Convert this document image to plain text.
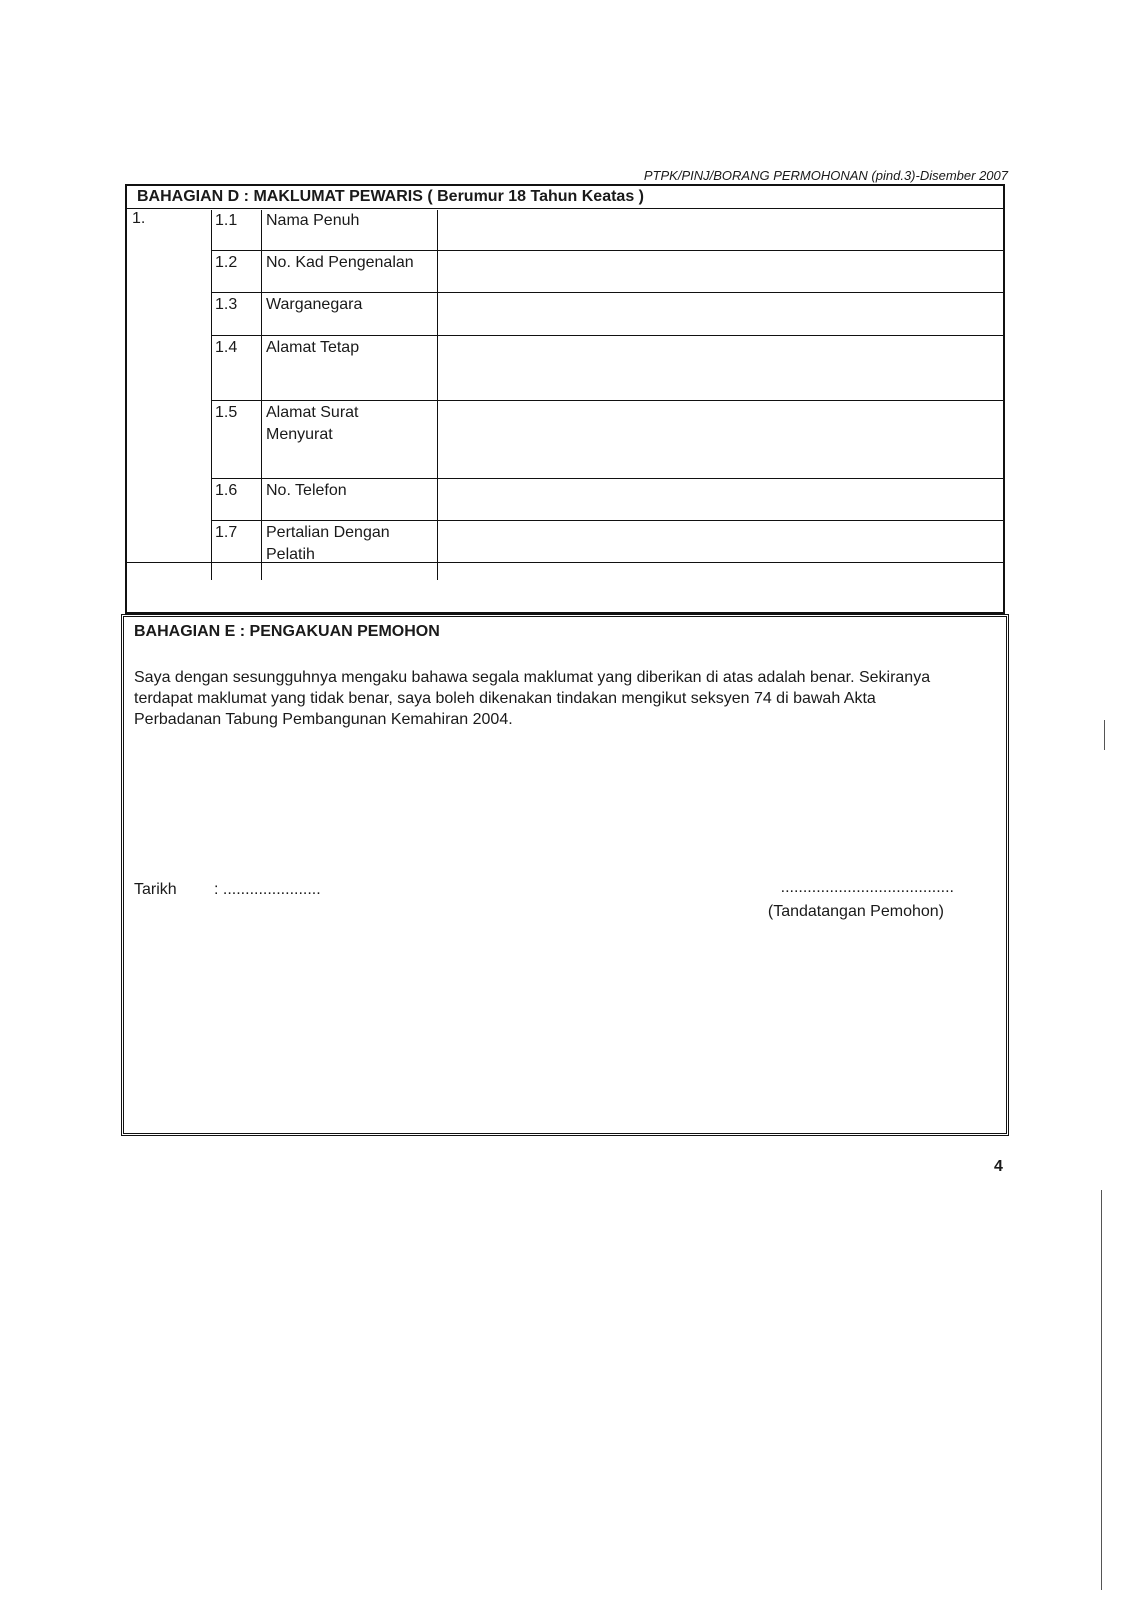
PTPK/PINJ/BORANG PERMOHONAN (pind.3)-Disember 2007
BAHAGIAN D : MAKLUMAT PEWARIS ( Berumur 18 Tahun Keatas )
1.	1.1 Nama Penuh
1.2 No. Kad Pengenalan
1.3 Warganegara
1.4 Alamat Tetap
1.5 Alamat Surat Menyurat
1.6 No. Telefon
1.7 Pertalian Dengan Pelatih
BAHAGIAN E : PENGAKUAN PEMOHON
Saya dengan sesungguhnya mengaku bahawa segala maklumat yang diberikan di atas adalah benar. Sekiranya terdapat maklumat yang tidak benar, saya boleh dikenakan tindakan mengikut seksyen 74 di bawah Akta Perbadanan Tabung Pembangunan Kemahiran 2004.
Tarikh : ......................	.......................................
(Tandatangan Pemohon)
4
